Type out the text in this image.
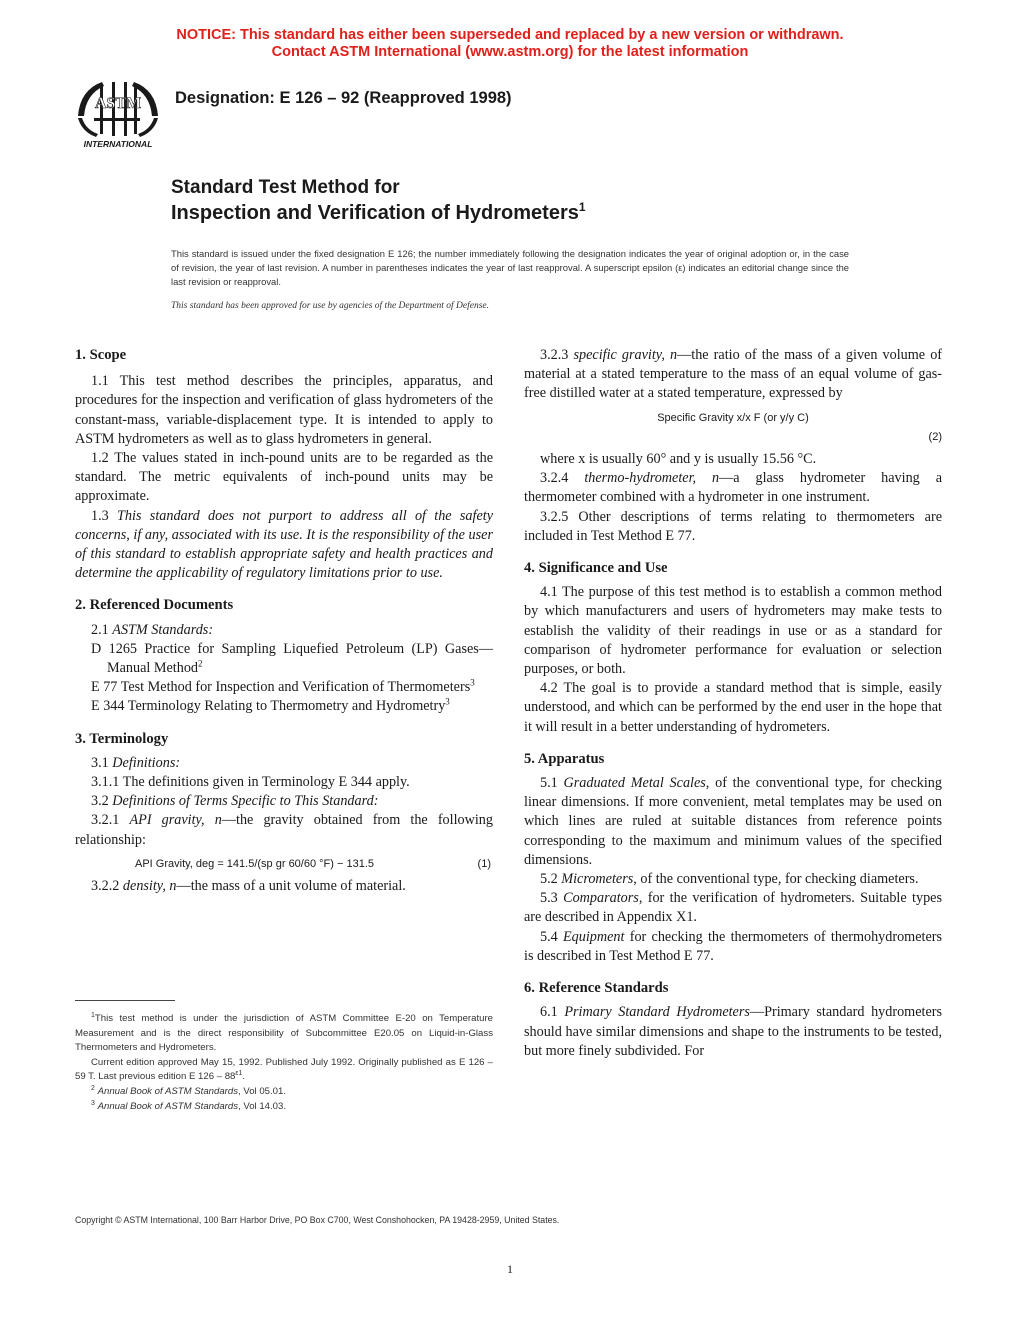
NOTICE: This standard has either been superseded and replaced by a new version or withdrawn.
Contact ASTM International (www.astm.org) for the latest information
ASTM
INTERNATIONAL
Designation: E 126 – 92 (Reapproved 1998)
Standard Test Method for
Inspection and Verification of Hydrometers$^1$
This standard is issued under the fixed designation E 126; the number immediately following the designation indicates the year of original adoption or, in the case of revision, the year of last revision. A number in parentheses indicates the year of last reapproval. A superscript epsilon (ε) indicates an editorial change since the last revision or reapproval.
This standard has been approved for use by agencies of the Department of Defense.
1. Scope

1.1 This test method describes the principles, apparatus, and procedures for the inspection and verification of glass hydrometers of the constant-mass, variable-displacement type. It is intended to apply to ASTM hydrometers as well as to glass hydrometers in general.

1.2 The values stated in inch-pound units are to be regarded as the standard. The metric equivalents of inch-pound units may be approximate.

1.3 This standard does not purport to address all of the safety concerns, if any, associated with its use. It is the responsibility of the user of this standard to establish appropriate safety and health practices and determine the applicability of regulatory limitations prior to use.

2. Referenced Documents

2.1 ASTM Standards:

D 1265 Practice for Sampling Liquefied Petroleum (LP) Gases—Manual Method$^2$

E 77 Test Method for Inspection and Verification of Thermometers$^3$

E 344 Terminology Relating to Thermometry and Hydrometry$^3$

3. Terminology

3.1 Definitions:

3.1.1 The definitions given in Terminology E 344 apply.

3.2 Definitions of Terms Specific to This Standard:

3.2.1 API gravity, n—the gravity obtained from the following relationship:

API Gravity, deg = 141.5/(sp gr 60/60 °F) − 131.5	(1)

3.2.2 density, n—the mass of a unit volume of material.

$^1$This test method is under the jurisdiction of ASTM Committee E-20 on Temperature Measurement and is the direct responsibility of Subcommittee E20.05 on Liquid-in-Glass Thermometers and Hydrometers.

Current edition approved May 15, 1992. Published July 1992. Originally published as E 126 – 59 T. Last previous edition E $126 - 88^{\varepsilon 1}$.

$^2$ Annual Book of ASTM Standards, Vol 05.01.

$^3$ Annual Book of ASTM Standards, Vol 14.03.

3.2.3 specific gravity, n—the ratio of the mass of a given volume of material at a stated temperature to the mass of an equal volume of gas-free distilled water at a stated temperature, expressed by

Specific Gravity x/x F (or y/y C)
(2)

where x is usually 60° and y is usually 15.56 °C.

3.2.4 thermo-hydrometer, n—a glass hydrometer having a thermometer combined with a hydrometer in one instrument.

3.2.5 Other descriptions of terms relating to thermometers are included in Test Method E 77.

4. Significance and Use

4.1 The purpose of this test method is to establish a common method by which manufacturers and users of hydrometers may make tests to establish the validity of their readings in use or as a standard for comparison of hydrometer performance for evaluation or selection purposes, or both.

4.2 The goal is to provide a standard method that is simple, easily understood, and which can be performed by the end user in the hope that it will result in a better understanding of hydrometers.

5. Apparatus

5.1 Graduated Metal Scales, of the conventional type, for checking linear dimensions. If more convenient, metal templates may be used on which lines are ruled at suitable distances from reference points corresponding to the maximum and minimum values of the specified dimensions.

5.2 Micrometers, of the conventional type, for checking diameters.

5.3 Comparators, for the verification of hydrometers. Suitable types are described in Appendix X1.

5.4 Equipment for checking the thermometers of thermohydrometers is described in Test Method E 77.

6. Reference Standards

6.1 Primary Standard Hydrometers—Primary standard hydrometers should have similar dimensions and shape to the instruments to be tested, but more finely subdivided. For

Copyright © ASTM International, 100 Barr Harbor Drive, PO Box C700, West Conshohocken, PA 19428-2959, United States.
1
